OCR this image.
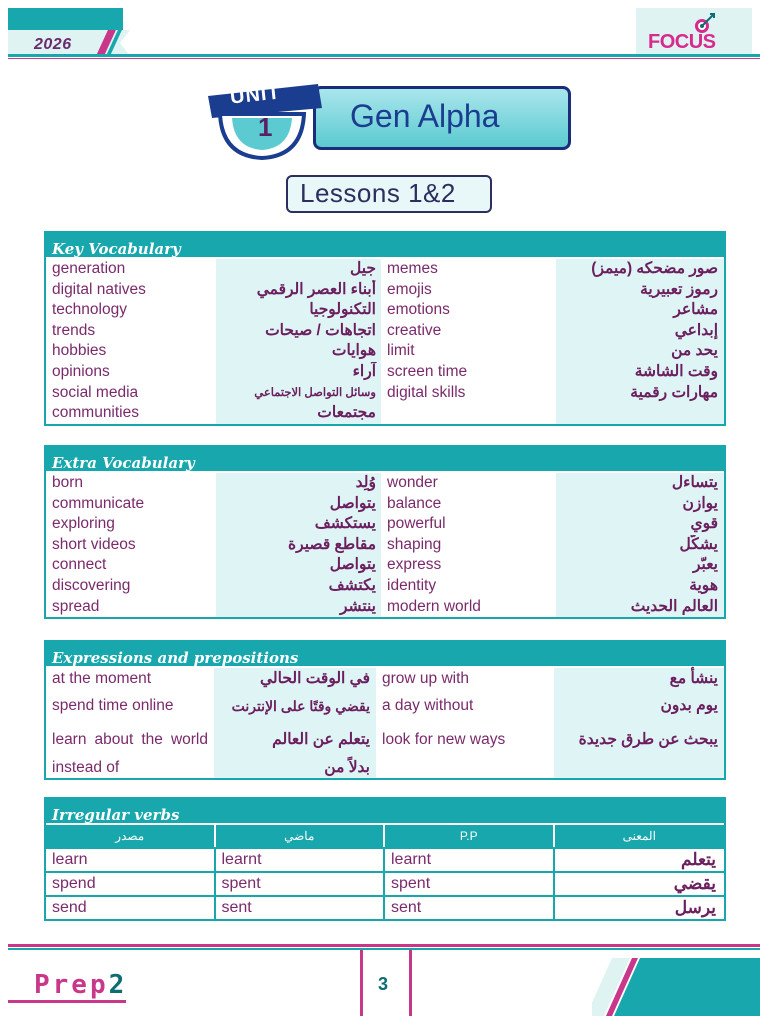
2026	FOCUS
UNIT
1 Gen Alpha
Lessons 1&2
Key Vocabulary
generation	جيل memes	صور مضحكه (ميمز)
digital natives	أبناء العصر الرقمي emojis	رموز تعبيرية
technology	التكنولوجيا emotions	مشاعر
trends	اتجاهات / صيحات creative	إبداعي
hobbies	هوايات limit	يحد من
opinions	آراء screen time	وقت الشاشة
social media	وسائل التواصل الاجتماعي digital skills	مهارات رقمية
communities	مجتمعات
Extra Vocabulary
born	وُلِد wonder	يتساءل
communicate	يتواصل balance	يوازن
exploring	يستكشف powerful	قوي
short videos	مقاطع قصيرة shaping	يشكّل
connect	يتواصل express	يعبّر
discovering	يكتشف identity	هوية
spread	ينتشر modern world	العالم الحديث
Expressions and prepositions
at the moment	في الوقت الحالي grow up with	ينشأ مع
spend time online	يقضي وقتًا على الإنترنت a day without	يوم بدون
learn about the world	يتعلم عن العالم look for new ways	يبحث عن طرق جديدة
instead of	بدلاً من
Irregular verbs
مصدر	ماضي	P.P	المعنى
learn	learnt	learnt	يتعلم
spend	spent	spent	يقضي
send	sent	sent	يرسل
Prep2	3
